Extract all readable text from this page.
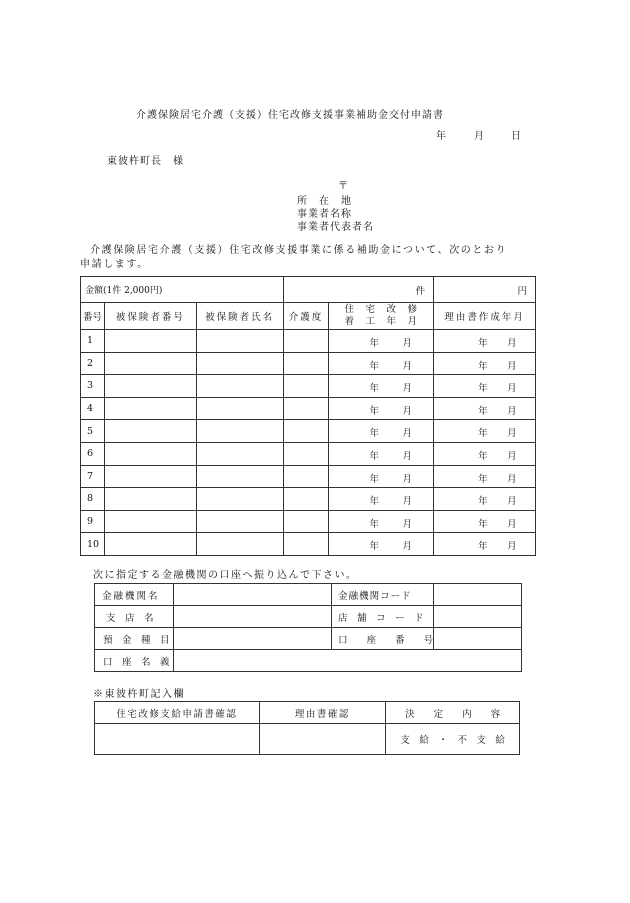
介護保険居宅介護（支援）住宅改修支援事業補助金交付申請書
年	月	日
東彼杵町長　様
〒
所　在　地
事業者名称
事業者代表者名
介護保険居宅介護（支援）住宅改修支援事業に係る補助金について、次のとおり
申請します。
金額(1件 2,000円)			件		円
番号	被保険者番号	被保険者氏名	介護度	住　宅　改　修
着　工　年　月	理由書作成年月
1				年 月	年 月

2				年 月	年 月

3				年 月	年 月

4				年 月	年 月

5				年 月	年 月

6				年 月	年 月

7				年 月	年 月

8				年 月	年 月

9				年 月	年 月

10				年 月	年 月
次に指定する金融機関の口座へ振り込んで下さい。
金融機関名		金融機関コード	
支　店　名		店　舗　コ　ー　ド	
預　金　種　目		口　　座　　番　　号	
口　座　名　義			
※東彼杵町記入欄
住宅改修支給申請書確認	理由書確認	決　　定　　内　　容
		支　給　・　不　支　給
